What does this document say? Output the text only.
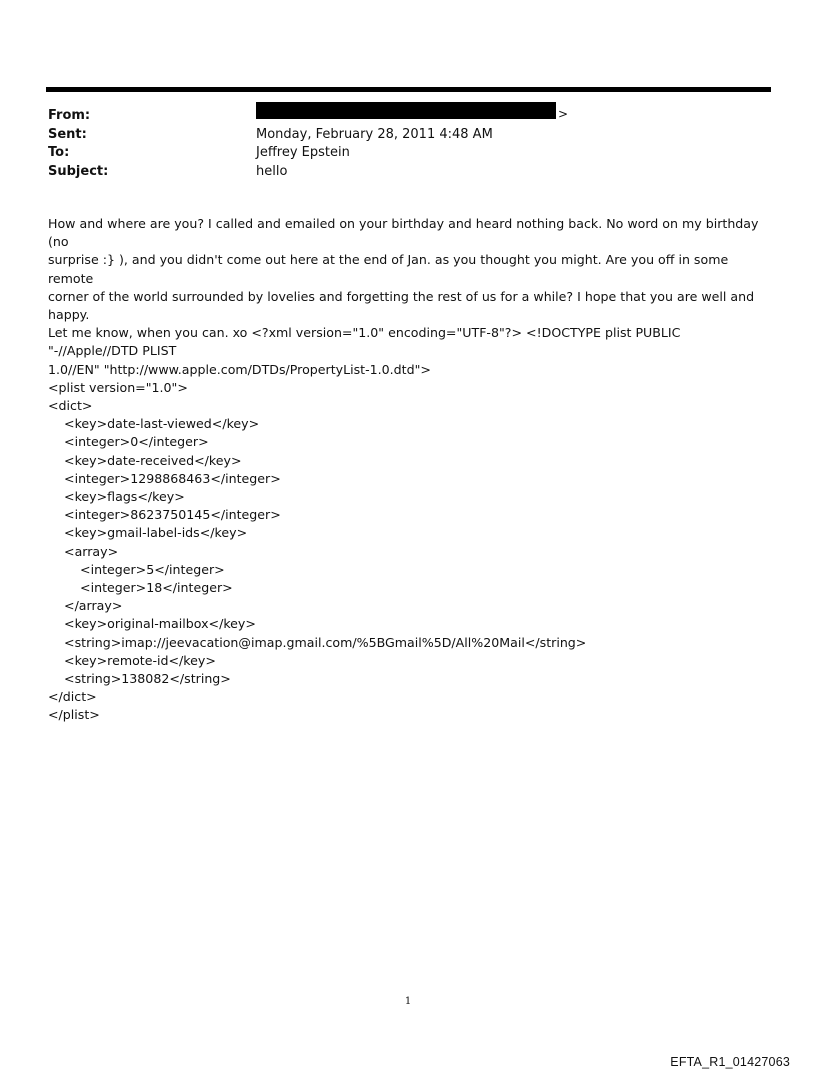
From:	>
Sent:	Monday, February 28, 2011 4:48 AM
To:	Jeffrey Epstein
Subject:	hello
How and where are you? I called and emailed on your birthday and heard nothing back. No word on my birthday (no
surprise :} ), and you didn't come out here at the end of Jan. as you thought you might. Are you off in some remote
corner of the world surrounded by lovelies and forgetting the rest of us for a while? I hope that you are well and happy.
Let me know, when you can. xo <?xml version="1.0" encoding="UTF-8"?> <!DOCTYPE plist PUBLIC "-//Apple//DTD PLIST
1.0//EN" "http://www.apple.com/DTDs/PropertyList-1.0.dtd">
<plist version="1.0">
<dict>
	<key>date-last-viewed</key>
	<integer>0</integer>
	<key>date-received</key>
	<integer>1298868463</integer>
	<key>flags</key>
	<integer>8623750145</integer>
	<key>gmail-label-ids</key>
	<array>
		<integer>5</integer>
		<integer>18</integer>
	</array>
	<key>original-mailbox</key>
	<string>imap://jeevacation@imap.gmail.com/%5BGmail%5D/All%20Mail</string>
	<key>remote-id</key>
	<string>138082</string>
</dict>
</plist>
1
EFTA_R1_01427063
